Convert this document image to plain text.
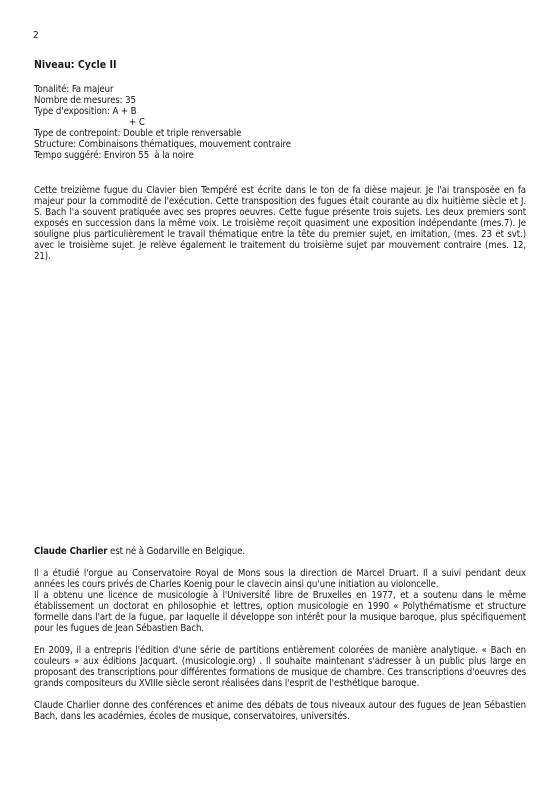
2
Niveau: Cycle II
Tonalité: Fa majeur
Nombre de mesures: 35
Type d'exposition: A + B
+ C
Type de contrepoint: Double et triple renversable
Structure: Combinaisons thématiques, mouvement contraire
Tempo suggéré: Environ 55  à la noire

Cette treizième fugue du Clavier bien Tempéré est écrite dans le ton de fa dièse majeur. Je l'ai transposée en fa majeur pour la commodité de l'exécution. Cette transposition des fugues était courante au dix huitième siècle et J. S. Bach l'a souvent pratiquée avec ses propres oeuvres. Cette fugue présente trois sujets. Les deux premiers sont exposés en succession dans la même voix. Le troisième reçoit quasiment une exposition indépendante (mes.7). Je souligne plus particulièrement le travail thématique entre la tête du premier sujet, en imitation, (mes. 23 et svt.) avec le troisième sujet. Je relève également le traitement du troisième sujet par mouvement contraire (mes. 12, 21).

Claude Charlier est né à Godarville en Belgique.

Il a étudié l'orgue au Conservatoire Royal de Mons sous la direction de Marcel Druart. Il a suivi pendant deux années les cours privés de Charles Koenig pour le clavecin ainsi qu'une initiation au violoncelle.
Il a obtenu une licence de musicologie à l'Université libre de Bruxelles en 1977, et a soutenu dans le même établissement un doctorat en philosophie et lettres, option musicologie en 1990 « Polythématisme et structure formelle dans l'art de la fugue, par laquelle il développe son intérêt pour la musique baroque, plus spécifiquement pour les fugues de Jean Sébastien Bach.

En 2009, il a entrepris l'édition d'une série de partitions entièrement colorées de manière analytique. « Bach en couleurs » aux éditions Jacquart. (musicologie.org) . Il souhaite maintenant s'adresser à un public plus large en proposant des transcriptions pour différentes formations de musique de chambre. Ces transcriptions d'oeuvres des grands compositeurs du XVIIIe siècle seront réalisées dans l'esprit de l'esthétique baroque.

Claude Charlier donne des conférences et anime des débats de tous niveaux autour des fugues de Jean Sébastien Bach, dans les académies, écoles de musique, conservatoires, universités.
